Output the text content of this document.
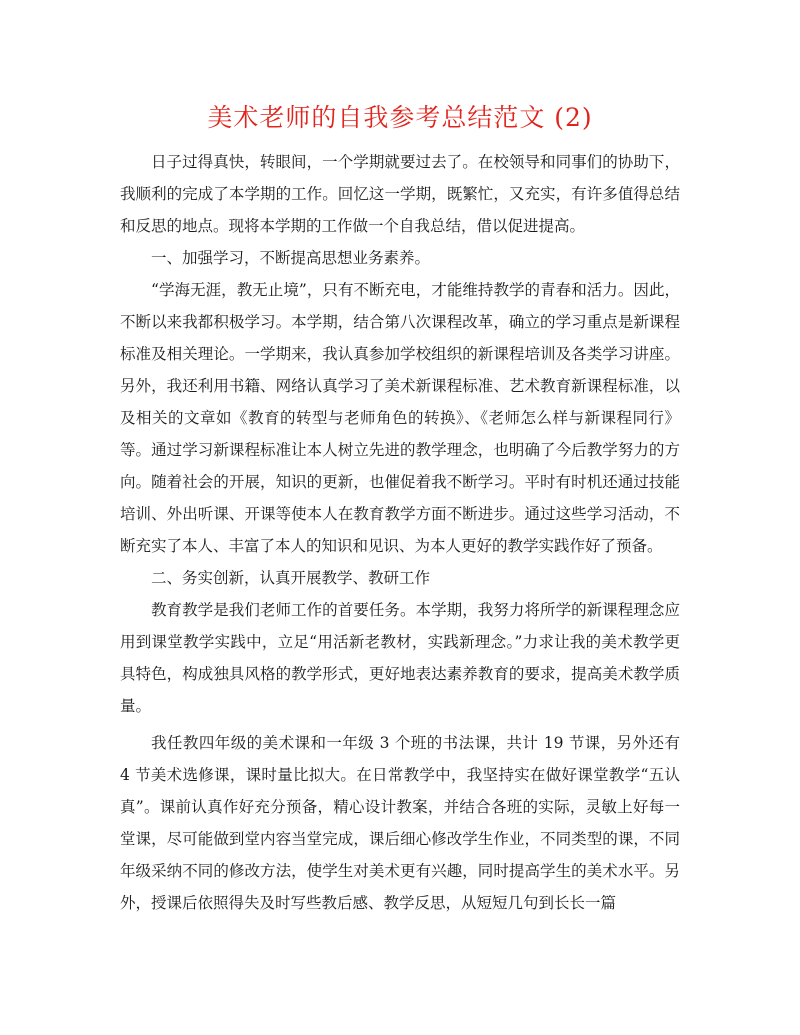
美术老师的自我参考总结范文 (2)

日子过得真快，转眼间，一个学期就要过去了。在校领导和同事们的协助下，我顺利的完成了本学期的工作。回忆这一学期，既繁忙，又充实，有许多值得总结和反思的地点。现将本学期的工作做一个自我总结，借以促进提高。

一、加强学习，不断提高思想业务素养。

“学海无涯，教无止境”，只有不断充电，才能维持教学的青春和活力。因此，不断以来我都积极学习。本学期，结合第八次课程改革，确立的学习重点是新课程标准及相关理论。一学期来，我认真参加学校组织的新课程培训及各类学习讲座。另外，我还利用书籍、网络认真学习了美术新课程标准、艺术教育新课程标准，以及相关的文章如《教育的转型与老师角色的转换》、《老师怎么样与新课程同行》等。通过学习新课程标准让本人树立先进的教学理念，也明确了今后教学努力的方向。随着社会的开展，知识的更新，也催促着我不断学习。平时有时机还通过技能培训、外出听课、开课等使本人在教育教学方面不断进步。通过这些学习活动，不断充实了本人、丰富了本人的知识和见识、为本人更好的教学实践作好了预备。

二、务实创新，认真开展教学、教研工作

教育教学是我们老师工作的首要任务。本学期，我努力将所学的新课程理念应用到课堂教学实践中，立足“用活新老教材，实践新理念。”力求让我的美术教学更具特色，构成独具风格的教学形式，更好地表达素养教育的要求，提高美术教学质量。

我任教四年级的美术课和一年级 3 个班的书法课，共计 19 节课，另外还有 4 节美术选修课，课时量比拟大。在日常教学中，我坚持实在做好课堂教学“五认真”。课前认真作好充分预备，精心设计教案，并结合各班的实际，灵敏上好每一堂课，尽可能做到堂内容当堂完成，课后细心修改学生作业，不同类型的课，不同年级采纳不同的修改方法，使学生对美术更有兴趣，同时提高学生的美术水平。另外，授课后依照得失及时写些教后感、教学反思，从短短几句到长长一篇
